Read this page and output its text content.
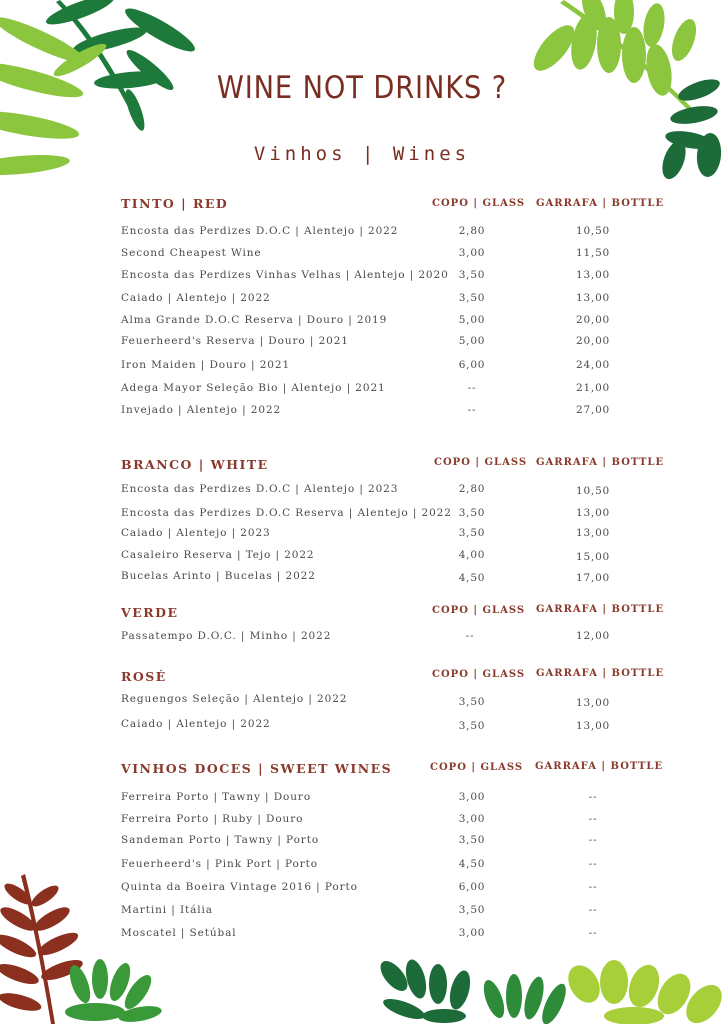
WINE NOT DRINKS ?
Vinhos | Wines
TINTO | RED	COPO | GLASS GARRAFA | BOTTLE
Encosta das Perdizes D.O.C | Alentejo | 2022	2,80	10,50
Second Cheapest Wine	3,00	11,50
Encosta das Perdizes Vinhas Velhas | Alentejo | 2020 3,50	13,00
Caiado | Alentejo | 2022	3,50	13,00
Alma Grande D.O.C Reserva | Douro | 2019	5,00	20,00
Feuerheerd's Reserva | Douro | 2021	5,00	20,00
Iron Maiden | Douro | 2021	6,00	24,00
Adega Mayor Seleção Bio | Alentejo | 2021	--	21,00
Invejado | Alentejo | 2022	--	27,00
BRANCO | WHITE	COPO | GLASS GARRAFA | BOTTLE
Encosta das Perdizes D.O.C | Alentejo | 2023	2,80	10,50
Encosta das Perdizes D.O.C Reserva | Alentejo | 2022 3,50	13,00
Caiado | Alentejo | 2023	3,50	13,00
Casaleiro Reserva | Tejo | 2022	4,00	15,00
Bucelas Arinto | Bucelas | 2022	4,50	17,00
VERDE	COPO | GLASS GARRAFA | BOTTLE
Passatempo D.O.C. | Minho | 2022	--	12,00
ROSÉ	COPO | GLASS GARRAFA | BOTTLE
Reguengos Seleção | Alentejo | 2022	3,50	13,00
Caiado | Alentejo | 2022	3,50	13,00
VINHOS DOCES | SWEET WINES	COPO | GLASS GARRAFA | BOTTLE
Ferreira Porto | Tawny | Douro	3,00	--
Ferreira Porto | Ruby | Douro	3,00	--
Sandeman Porto | Tawny | Porto	3,50	--
Feuerheerd's | Pink Port | Porto	4,50	--
Quinta da Boeira Vintage 2016 | Porto	6,00	--
Martini | Itália	3,50	--
Moscatel | Setúbal	3,00	--
